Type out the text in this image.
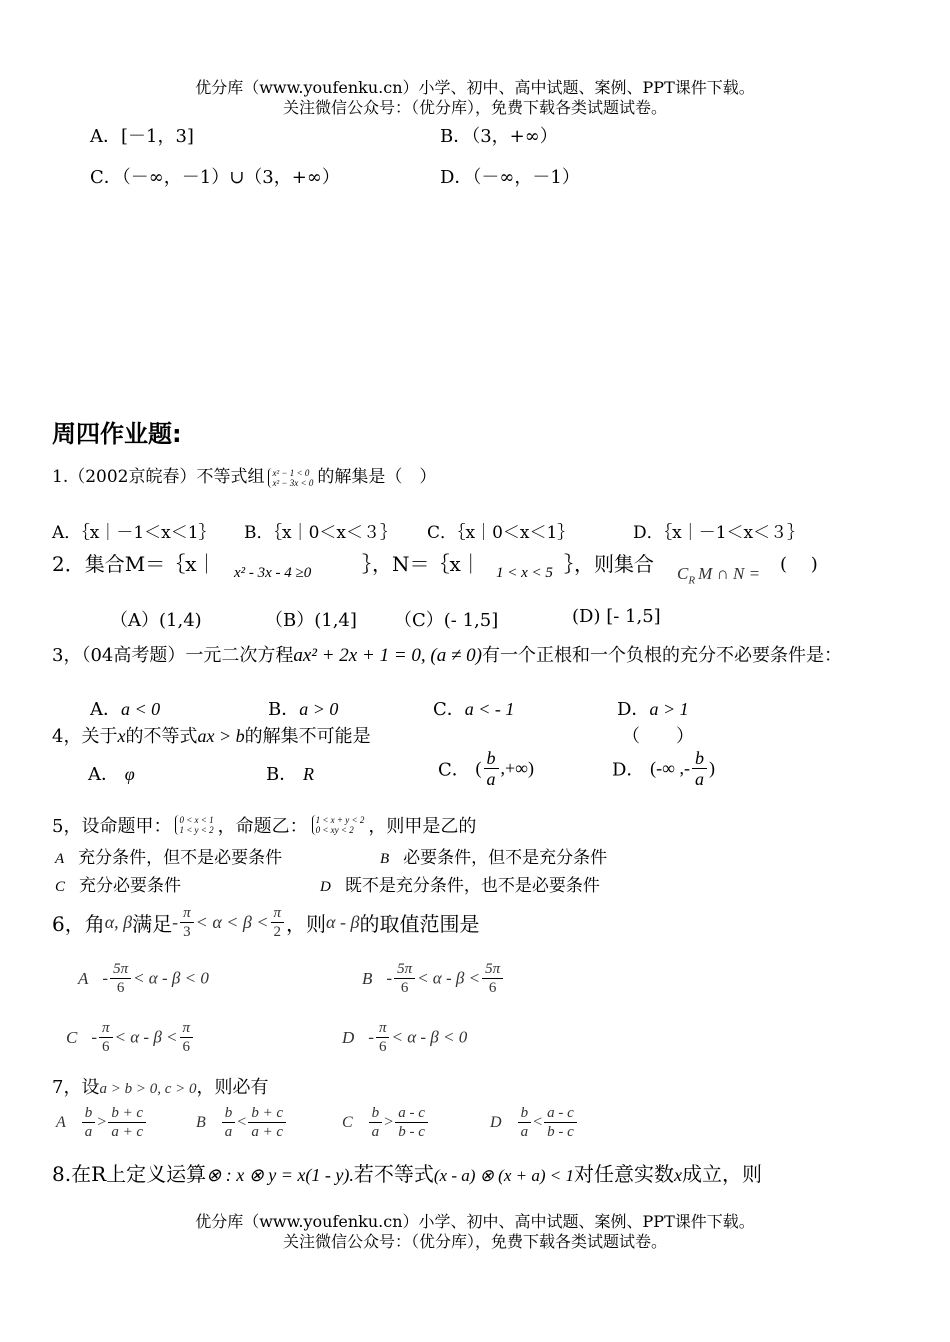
优分库（www.youfenku.cn）小学、初中、高中试题、案例、PPT课件下载。
关注微信公众号：（优分库），免费下载各类试题试卷。
A．[－1，3]	B．（3，+∞）
C．（－∞，－1）∪（3，+∞）	D．（－∞，－1）
周四作业题:
1.（2002京皖春）不等式组 x² − 1 < 0
x² − 3x < 0 的解集是（　）
A．｛x｜－1＜x＜1｝ B．｛x｜0＜x＜３｝ C．｛x｜0＜x＜1｝	D．｛x｜－1＜x＜３｝
2．集合M＝｛x｜ x² - 3x - 4 ≥0	｝，N＝｛x｜ 1 < x < 5 ｝，则集合 $C_R$ M ∩ N = (　 )
（A）(1,4)	（B）(1,4] （C）(- 1,5]	(D) [- 1,5]
3，（04高考题）一元二次方程ax² + 2x + 1 = 0, (a ≠ 0)有一个正根和一个负根的充分不必要条件是：
A．a < 0	B．a > 0	C．a < - 1	D．a > 1
4，关于x的不等式ax > b的解集不可能是	（　　）
A． φ	B． R	C． ( $\frac{b}{a}$ ,+∞)	D． (-∞ ,- $\frac{b}{a}$ )
5，设命题甲： 0 < x < 1
1 < y < 2 ，命题乙： 1 < x + y < 2
0 < xy < 2 ，则甲是乙的
A 充分条件，但不是必要条件	B 必要条件，但不是充分条件
C 充分必要条件	D 既不是充分条件，也不是必要条件
6，角α, β满足- $\frac{\pi}{3} < \alpha < \beta < \frac{\pi}{2}$ ，则α - β的取值范围是
$A - \frac{5\pi}{6} < \alpha - \beta < 0$	$B - \frac{5\pi}{6} < \alpha - \beta < \frac{5\pi}{6}$
$C - \frac{\pi}{6} < \alpha - \beta < \frac{\pi}{6}$	$D - \frac{\pi}{6} < \alpha - \beta < 0$
7，设a > b > 0, c > 0，则必有
A $\frac{b}{a} > \frac{b + c}{a + c}$	B $\frac{b}{a} < \frac{b + c}{a + c}$	C $\frac{b}{a} > \frac{a - c}{b - c}$	D $\frac{b}{a} < \frac{a - c}{b - c}$
8.在R上定义运算⊗ : x ⊗ y = x(1 - y).若不等式(x - a) ⊗ (x + a) < 1对任意实数x成立，则
优分库（www.youfenku.cn）小学、初中、高中试题、案例、PPT课件下载。
关注微信公众号：（优分库），免费下载各类试题试卷。
